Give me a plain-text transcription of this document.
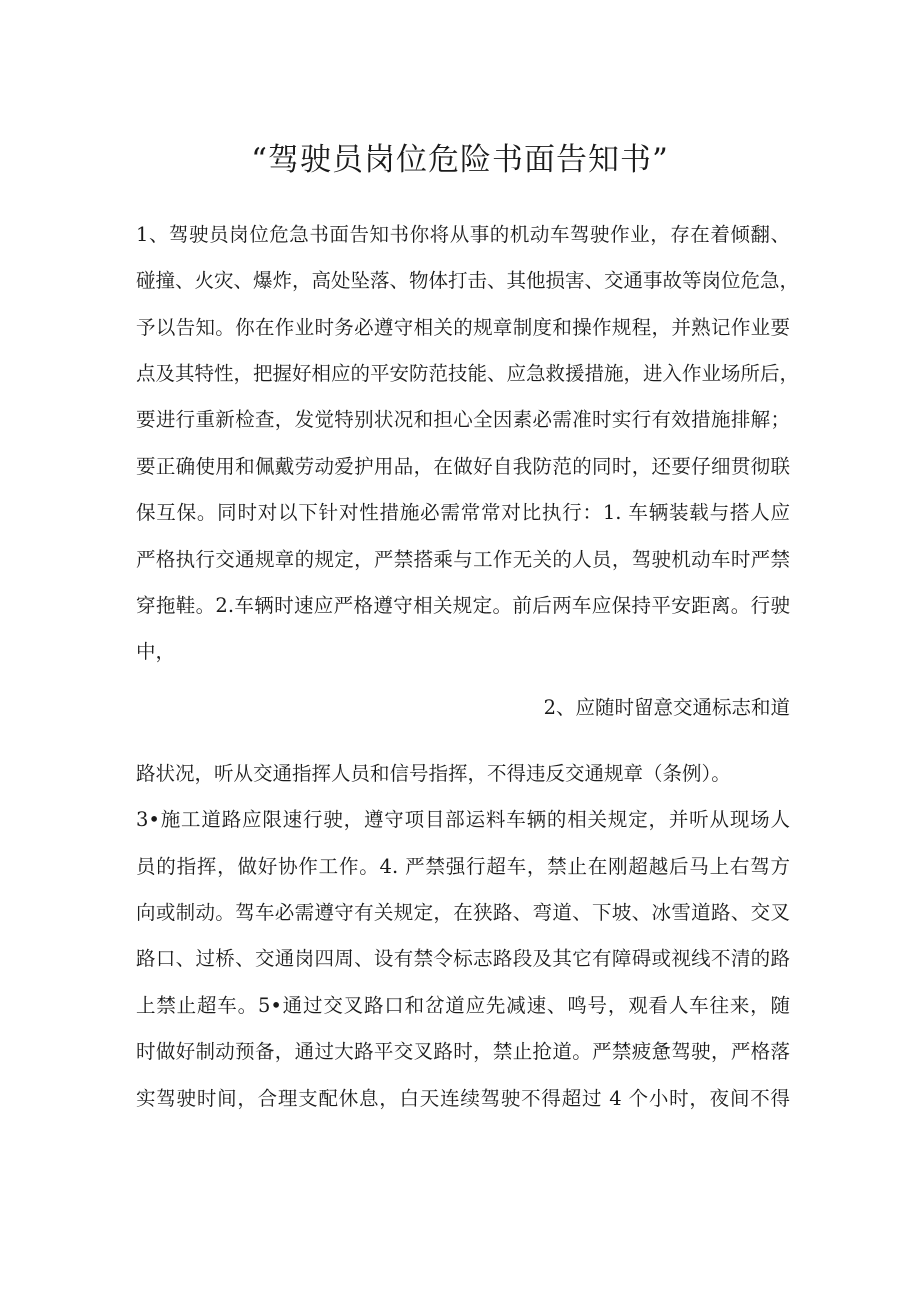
“驾驶员岗位危险书面告知书”
1、驾驶员岗位危急书面告知书你将从事的机动车驾驶作业，存在着倾翻、
碰撞、火灾、爆炸，高处坠落、物体打击、其他损害、交通事故等岗位危急，
予以告知。你在作业时务必遵守相关的规章制度和操作规程，并熟记作业要
点及其特性，把握好相应的平安防范技能、应急救援措施，进入作业场所后，
要进行重新检查，发觉特别状况和担心全因素必需准时实行有效措施排解；
要正确使用和佩戴劳动爱护用品，在做好自我防范的同时，还要仔细贯彻联
保互保。同时对以下针对性措施必需常常对比执行：1. 车辆装载与搭人应
严格执行交通规章的规定，严禁搭乘与工作无关的人员，驾驶机动车时严禁
穿拖鞋。2.车辆时速应严格遵守相关规定。前后两车应保持平安距离。行驶
中，
2、应随时留意交通标志和道
路状况，听从交通指挥人员和信号指挥，不得违反交通规章（条例）。
3•施工道路应限速行驶，遵守项目部运料车辆的相关规定，并听从现场人
员的指挥，做好协作工作。4. 严禁强行超车，禁止在刚超越后马上右驾方
向或制动。驾车必需遵守有关规定，在狭路、弯道、下坡、冰雪道路、交叉
路口、过桥、交通岗四周、设有禁令标志路段及其它有障碍或视线不清的路
上禁止超车。5•通过交叉路口和岔道应先减速、鸣号，观看人车往来，随
时做好制动预备，通过大路平交叉路时，禁止抢道。严禁疲惫驾驶，严格落
实驾驶时间，合理支配休息，白天连续驾驶不得超过 4 个小时，夜间不得
